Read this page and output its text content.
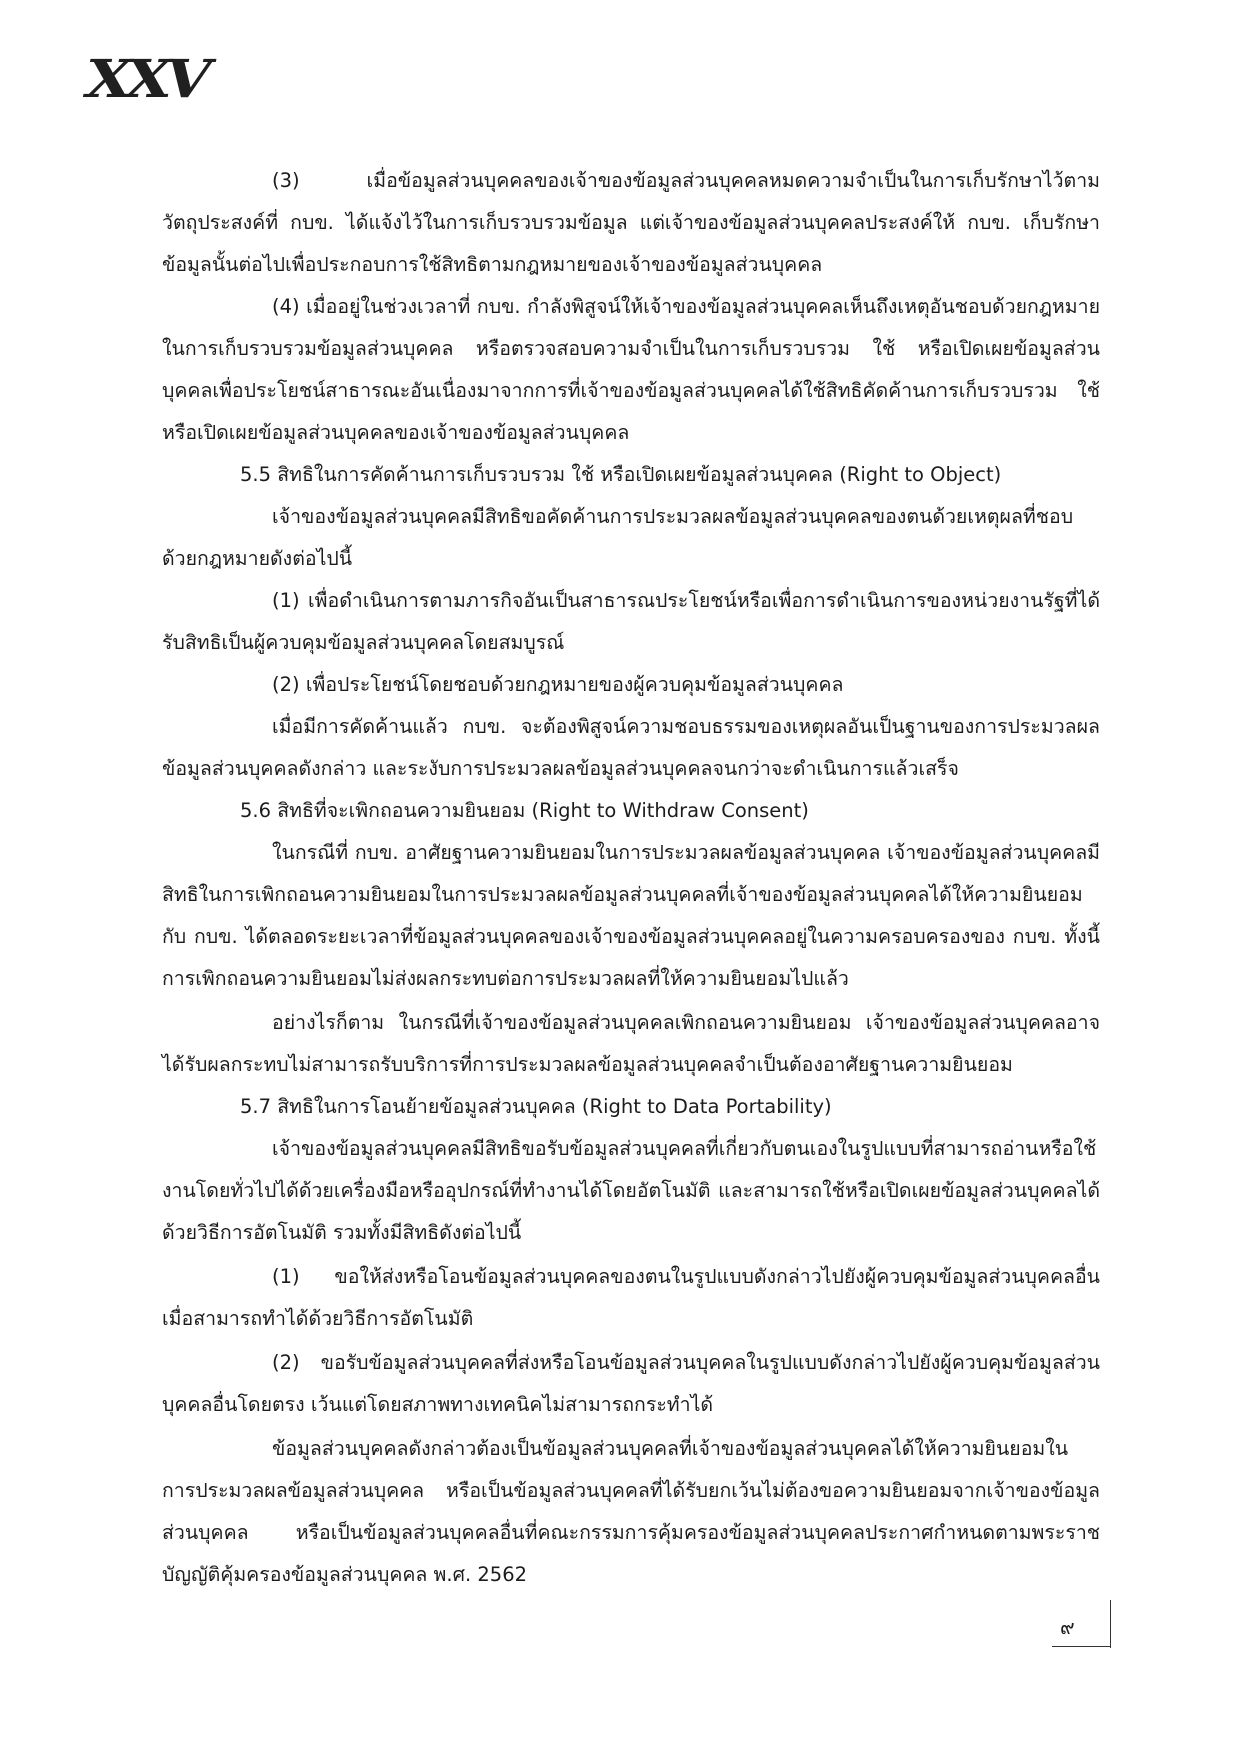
XXV

(3) เมื่อข้อมูลส่วนบุคคลของเจ้าของข้อมูลส่วนบุคคลหมดความจำเป็นในการเก็บรักษาไว้ตามวัตถุประสงค์ที่ กบข. ได้แจ้งไว้ในการเก็บรวบรวมข้อมูล แต่เจ้าของข้อมูลส่วนบุคคลประสงค์ให้ กบข. เก็บรักษาข้อมูลนั้นต่อไปเพื่อประกอบการใช้สิทธิตามกฎหมายของเจ้าของข้อมูลส่วนบุคคล

(4) เมื่ออยู่ในช่วงเวลาที่ กบข. กำลังพิสูจน์ให้เจ้าของข้อมูลส่วนบุคคลเห็นถึงเหตุอันชอบด้วยกฎหมายในการเก็บรวบรวมข้อมูลส่วนบุคคล หรือตรวจสอบความจำเป็นในการเก็บรวบรวม ใช้ หรือเปิดเผยข้อมูลส่วนบุคคลเพื่อประโยชน์สาธารณะอันเนื่องมาจากการที่เจ้าของข้อมูลส่วนบุคคลได้ใช้สิทธิคัดค้านการเก็บรวบรวม ใช้ หรือเปิดเผยข้อมูลส่วนบุคคลของเจ้าของข้อมูลส่วนบุคคล

5.5 สิทธิในการคัดค้านการเก็บรวบรวม ใช้ หรือเปิดเผยข้อมูลส่วนบุคคล (Right to Object)

เจ้าของข้อมูลส่วนบุคคลมีสิทธิขอคัดค้านการประมวลผลข้อมูลส่วนบุคคลของตนด้วยเหตุผลที่ชอบด้วยกฎหมายดังต่อไปนี้

(1) เพื่อดำเนินการตามภารกิจอันเป็นสาธารณประโยชน์หรือเพื่อการดำเนินการของหน่วยงานรัฐที่ได้รับสิทธิเป็นผู้ควบคุมข้อมูลส่วนบุคคลโดยสมบูรณ์

(2) เพื่อประโยชน์โดยชอบด้วยกฎหมายของผู้ควบคุมข้อมูลส่วนบุคคล

เมื่อมีการคัดค้านแล้ว กบข. จะต้องพิสูจน์ความชอบธรรมของเหตุผลอันเป็นฐานของการประมวลผลข้อมูลส่วนบุคคลดังกล่าว และระงับการประมวลผลข้อมูลส่วนบุคคลจนกว่าจะดำเนินการแล้วเสร็จ

5.6 สิทธิที่จะเพิกถอนความยินยอม (Right to Withdraw Consent)

ในกรณีที่ กบข. อาศัยฐานความยินยอมในการประมวลผลข้อมูลส่วนบุคคล เจ้าของข้อมูลส่วนบุคคลมีสิทธิในการเพิกถอนความยินยอมในการประมวลผลข้อมูลส่วนบุคคลที่เจ้าของข้อมูลส่วนบุคคลได้ให้ความยินยอมกับ กบข. ได้ตลอดระยะเวลาที่ข้อมูลส่วนบุคคลของเจ้าของข้อมูลส่วนบุคคลอยู่ในความครอบครองของ กบข. ทั้งนี้ การเพิกถอนความยินยอมไม่ส่งผลกระทบต่อการประมวลผลที่ให้ความยินยอมไปแล้ว

อย่างไรก็ตาม ในกรณีที่เจ้าของข้อมูลส่วนบุคคลเพิกถอนความยินยอม เจ้าของข้อมูลส่วนบุคคลอาจได้รับผลกระทบไม่สามารถรับบริการที่การประมวลผลข้อมูลส่วนบุคคลจำเป็นต้องอาศัยฐานความยินยอม

5.7 สิทธิในการโอนย้ายข้อมูลส่วนบุคคล (Right to Data Portability)

เจ้าของข้อมูลส่วนบุคคลมีสิทธิขอรับข้อมูลส่วนบุคคลที่เกี่ยวกับตนเองในรูปแบบที่สามารถอ่านหรือใช้งานโดยทั่วไปได้ด้วยเครื่องมือหรืออุปกรณ์ที่ทำงานได้โดยอัตโนมัติ และสามารถใช้หรือเปิดเผยข้อมูลส่วนบุคคลได้ด้วยวิธีการอัตโนมัติ รวมทั้งมีสิทธิดังต่อไปนี้

(1) ขอให้ส่งหรือโอนข้อมูลส่วนบุคคลของตนในรูปแบบดังกล่าวไปยังผู้ควบคุมข้อมูลส่วนบุคคลอื่นเมื่อสามารถทำได้ด้วยวิธีการอัตโนมัติ

(2) ขอรับข้อมูลส่วนบุคคลที่ส่งหรือโอนข้อมูลส่วนบุคคลในรูปแบบดังกล่าวไปยังผู้ควบคุมข้อมูลส่วนบุคคลอื่นโดยตรง เว้นแต่โดยสภาพทางเทคนิคไม่สามารถกระทำได้

ข้อมูลส่วนบุคคลดังกล่าวต้องเป็นข้อมูลส่วนบุคคลที่เจ้าของข้อมูลส่วนบุคคลได้ให้ความยินยอมในการประมวลผลข้อมูลส่วนบุคคล หรือเป็นข้อมูลส่วนบุคคลที่ได้รับยกเว้นไม่ต้องขอความยินยอมจากเจ้าของข้อมูลส่วนบุคคล หรือเป็นข้อมูลส่วนบุคคลอื่นที่คณะกรรมการคุ้มครองข้อมูลส่วนบุคคลประกาศกำหนดตามพระราชบัญญัติคุ้มครองข้อมูลส่วนบุคคล พ.ศ. 2562

๙
